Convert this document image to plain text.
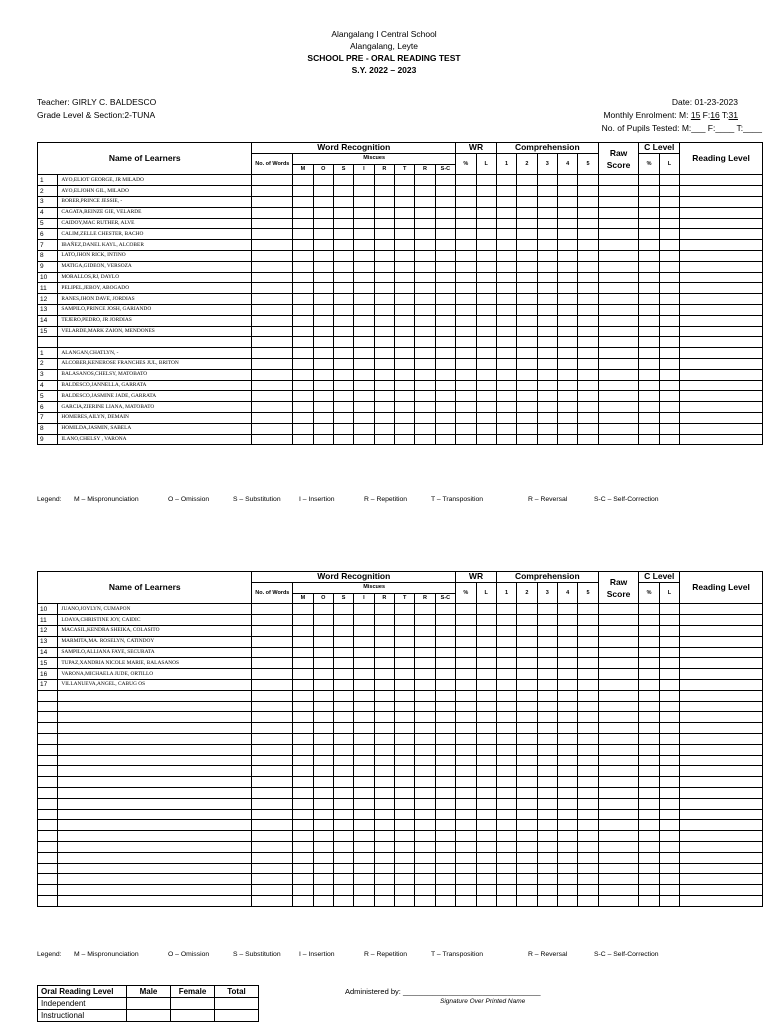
Alangalang I Central School
Alangalang, Leyte
SCHOOL PRE - ORAL READING TEST
S.Y. 2022 – 2023
Teacher: GIRLY C. BALDESCO
Grade Level & Section:2-TUNA
Date: 01-23-2023
Monthly Enrolment: M: 15 F:16 T:31
No. of Pupils Tested: M:___ F:____ T:____
Name of Learners		Word Recognition									WR		Comprehension					Raw Score	C Level		Reading Level
		No. of Words	Miscues								%	L	1	2	3	4	5		%	L	
			M	O	S	I	R	T	R	S-C											
1	AYO,ELIOT GEORGE, JR MILADO																				
2	AYO,ELJOHN GIL, MILADO																				
3	BORER,PRINCE JESSIE, -																				
4	CAGATA,REINZE GIE, VELARDE																				
5	CAIDOY,MAC RUTHER, ALVE																				
6	CALIM,ZELLE CHESTER, BACHO																				
7	IBAÑEZ,DANEL KAYL, ALCOBER																				
8	LATO,JHON RICK, INTINO																				
9	MATIGA,GIDEON, VERSOZA																				
10	MORALLOS,RJ, DAYLO																				
11	PELIPEL,JEBOY, ABOGADO																				
12	RANES,JHON DAVE, JORDIAS																				
13	SAMPILO,PRINCE JOSH, GARIANDO																				
14	TEJERO,PEDRO, JR JORDIAS																				
15	VELARDE,MARK ZAION, MENDONES																				

1	ALANGAN,CHATLYN, -																				
2	ALCOBER,KENEROSE FRANCHES JUL, BRITON																				
3	BALASANOS,CHELSY, MATOBATO																				
4	BALDESCO,JANNELLA, GARRATA																				
5	BALDESCO,JASMINE JADE, GARRATA																				
6	GARCIA,ZIERINE LIANA, MATOBATO																				
7	HOMERES,AILYN, DEMAIN																				
8	HOMILDA,JASMIN, SABELA																				
9	ILANO,CHELSY , VARONA																				
Legend: M – Mispronunciation	O – Omission	S – Substitution	I – Insertion	R – Repetition	T – Transposition	R – Reversal	S-C – Self-Correction
Name of Learners		Word Recognition									WR		Comprehension					Raw Score	C Level		Reading Level
		No. of Words	Miscues								%	L	1	2	3	4	5		%	L	
			M	O	S	I	R	T	R	S-C											
10	JUANO,JOYLYN, CUMAPON																				
11	LOAYA,CHRISTINE JOY, CAIDIC																				
12	MACASIL,KENDRA SHEIKA, COLASITO																				
13	MARMITA,MA. ROSELYN, CATINDOY																				
14	SAMPILO,ALLIANA FAYE, SECURATA																				
15	TUPAZ,XANDRIA NICOLE MARIE, BALASANOS																				
16	VARONA,MICHAELA JUDE, ORTILLO																				
17	VILLANUEVA,ANGEL, CABUG OS																				

Legend: M – Mispronunciation	O – Omission	S – Substitution	I – Insertion	R – Repetition	T – Transposition	R – Reversal	S-C – Self-Correction
Oral Reading Level	Male	Female	Total
Independent			
Instructional			
Administered by: _________________________________
Signature Over Printed Name
